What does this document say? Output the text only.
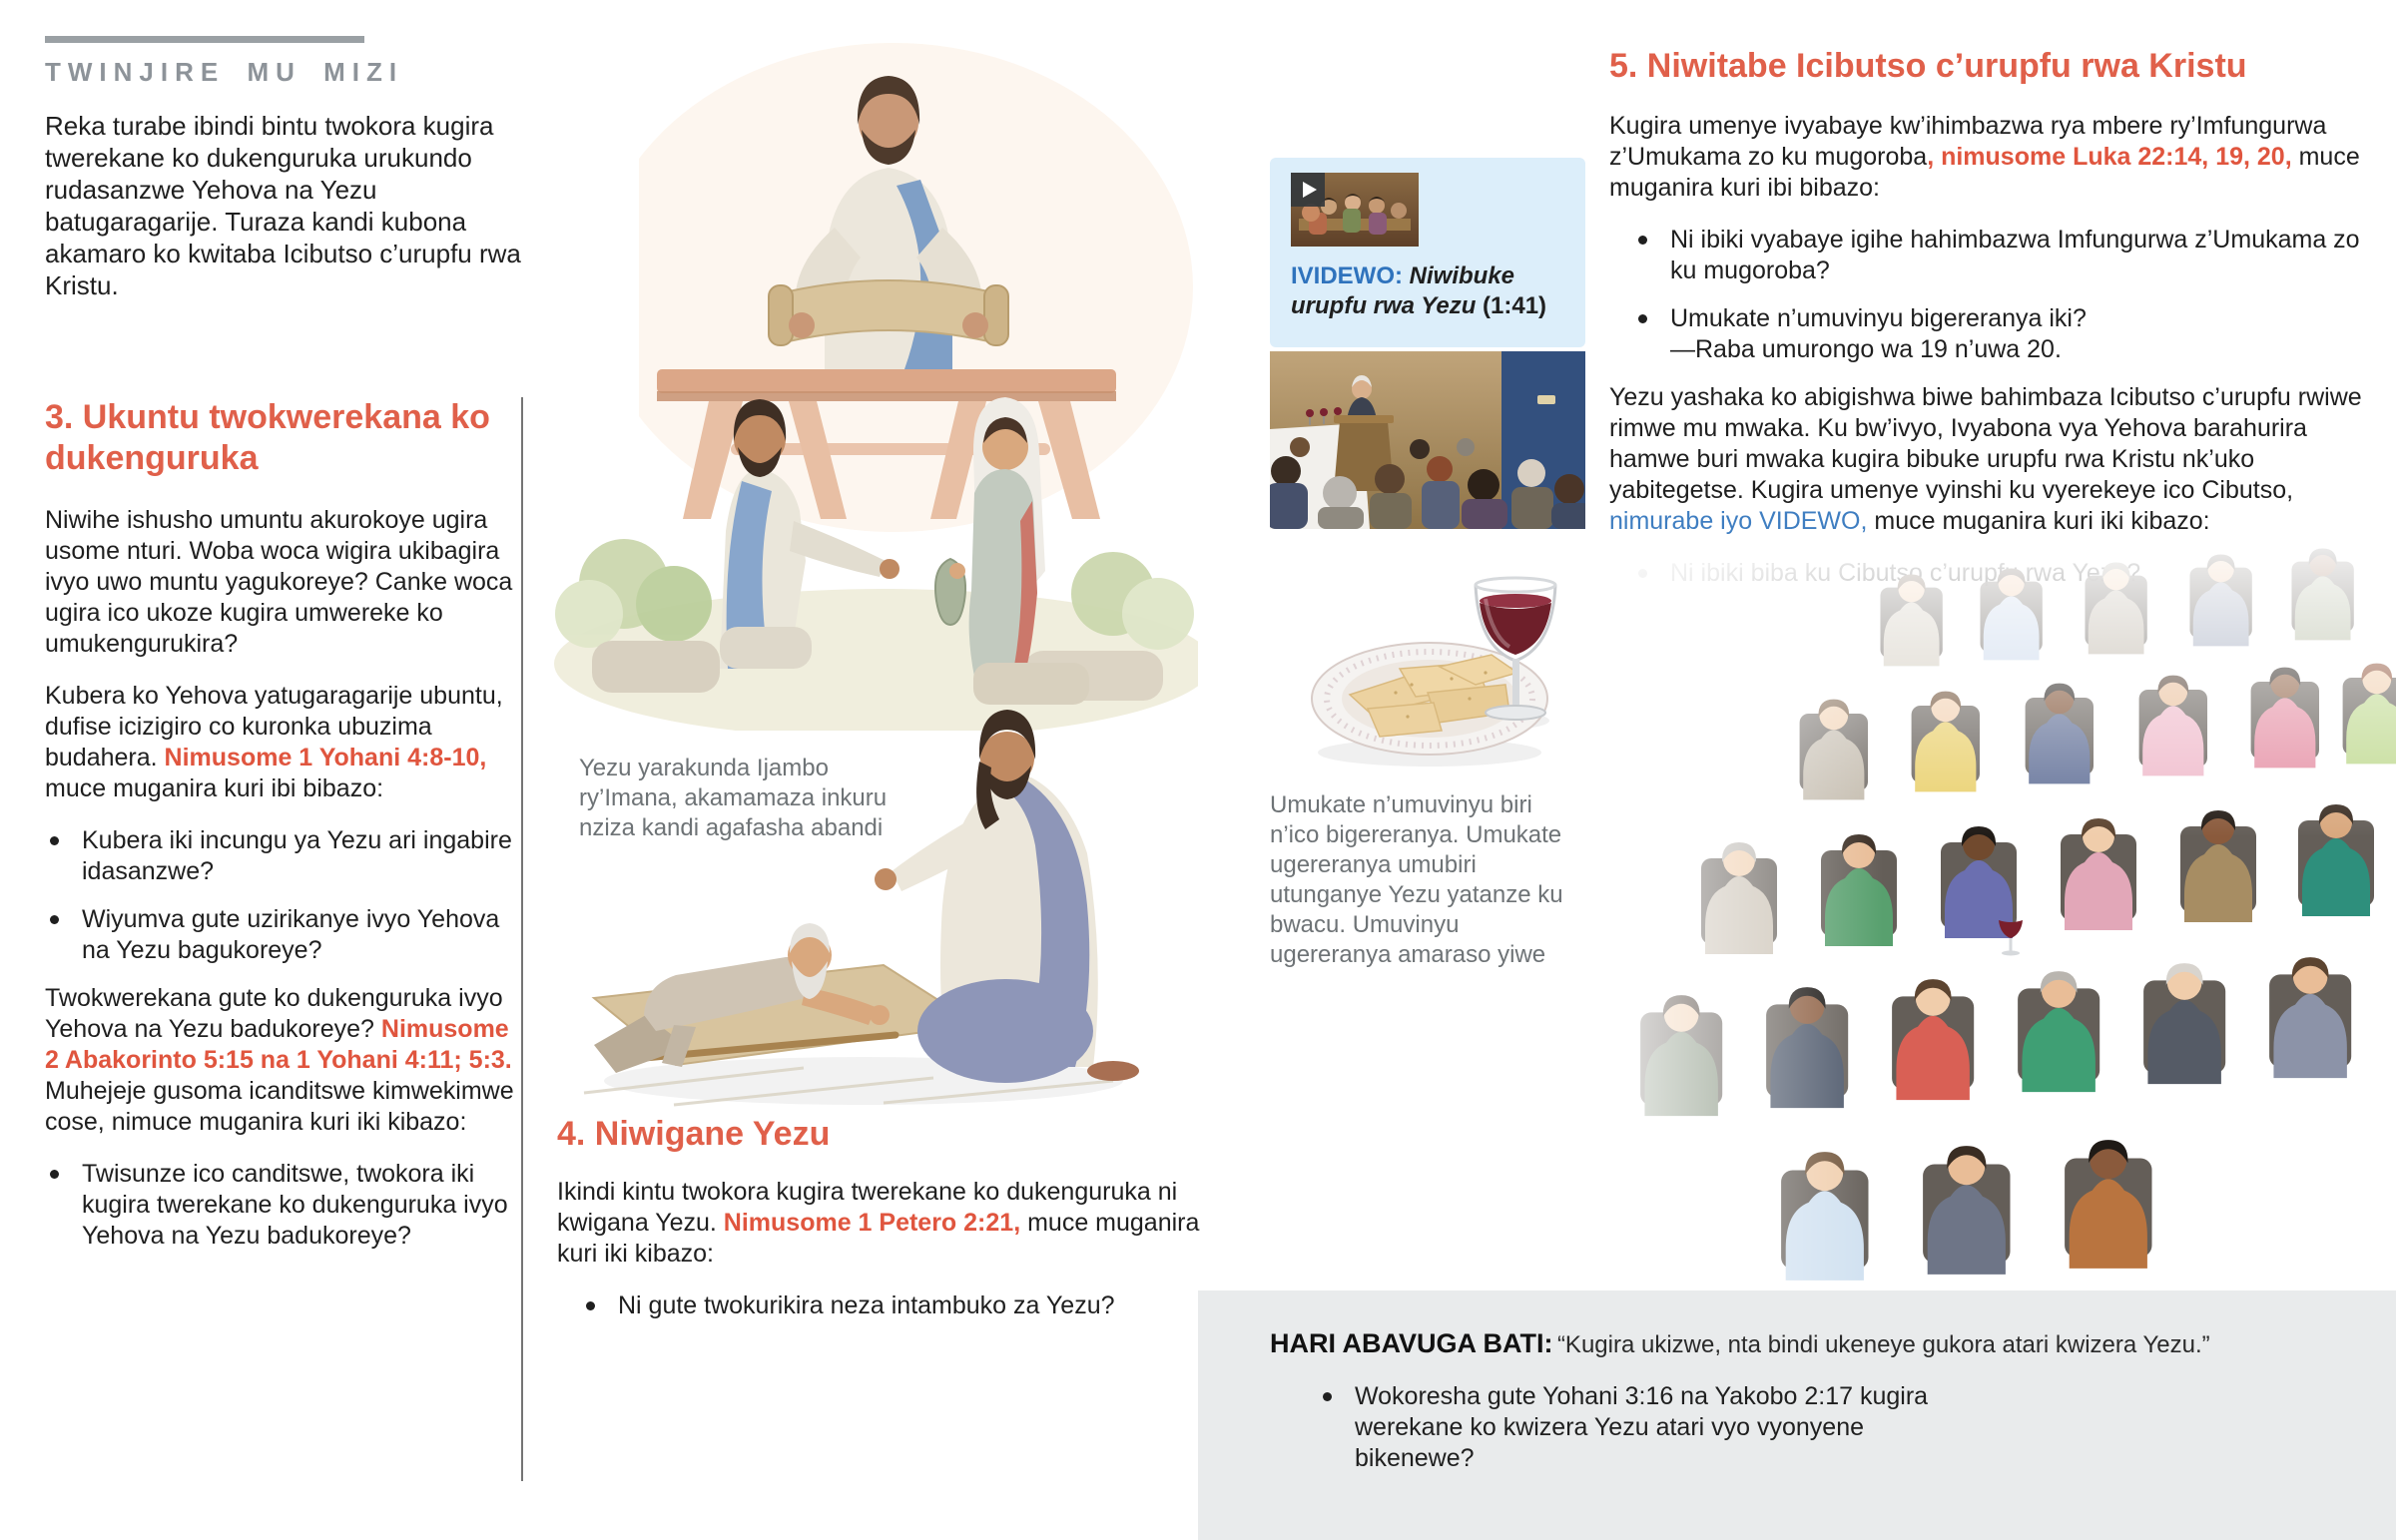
TWINJIRE MU MIZI

Reka turabe ibindi bintu twokora kugira twerekane ko dukenguruka urukundo rudasanzwe Yehova na Yezu batugaragarije. Turaza kandi kubona akamaro ko kwitaba Icibutso c’urupfu rwa Kristu.

3. Ukuntu twokwerekana ko dukenguruka

Niwihe ishusho umuntu akurokoye ugira usome nturi. Woba woca wigira ukibagira ivyo uwo muntu yagukoreye? Canke woca ugira ico ukoze kugira umwereke ko umukengurukira?

Kubera ko Yehova yatugaragarije ubuntu, dufise icizigiro co kuronka ubuzima budahera. Nimusome 1 Yohani 4:8-10, muce muganira kuri ibi bibazo:

Kubera iki incungu ya Yezu ari ingabire idasanzwe?
Wiyumva gute uzirikanye ivyo Yehova na Yezu bagukoreye?

Twokwerekana gute ko dukenguruka ivyo Yehova na Yezu badukoreye? Nimusome 2 Abakorinto 5:15 na 1 Yohani 4:11; 5:3. Muhejeje gusoma icanditswe kimwekimwe cose, nimuce muganira kuri iki kibazo:

Twisunze ico canditswe, twokora iki kugira twerekane ko dukenguruka ivyo Yehova na Yezu badukoreye?
Yezu yarakunda Ijambo ry’Imana, akamamaza inkuru nziza kandi agafasha abandi
4. Niwigane Yezu

Ikindi kintu twokora kugira twerekane ko dukenguruka ni kwigana Yezu. Nimusome 1 Petero 2:21, muce muganira kuri iki kibazo:

Ni gute twokurikira neza intambuko za Yezu?
5. Niwitabe Icibutso c’urupfu rwa Kristu

Kugira umenye ivyabaye kw’ihimbazwa rya mbere ry’Imfungurwa z’Umukama zo ku mugoroba, nimusome Luka 22:14, 19, 20, muce muganira kuri ibi bibazo:

Ni ibiki vyabaye igihe hahimbazwa Imfungurwa z’Umukama zo ku mugoroba?
Umukate n’umuvinyu bigereranya iki?
—Raba umurongo wa 19 n’uwa 20.

Yezu yashaka ko abigishwa biwe bahimbaza Icibutso c’urupfu rwiwe rimwe mu mwaka. Ku bw’ivyo, Ivyabona vya Yehova barahurira hamwe buri mwaka kugira bibuke urupfu rwa Kristu nk’uko yabitegetse. Kugira umenye vyinshi ku vyerekeye ico Cibutso, nimurabe iyo VIDEWO, muce muganira kuri iki kibazo:

IVIDEWO: Niwibuke urupfu rwa Yezu (1:41)
Umukate n’umuvinyu biri n’ico bigereranya. Umukate ugereranya umubiri utunganye Yezu yatanze ku bwacu. Umuvinyu ugereranya amaraso yiwe

HARI ABAVUGA BATI: “Kugira ukizwe, nta bindi ukeneye gukora atari kwizera Yezu.”

Wokoresha gute Yohani 3:16 na Yakobo 2:17 kugira werekane ko kwizera Yezu atari vyo vyonyene bikenewe?
